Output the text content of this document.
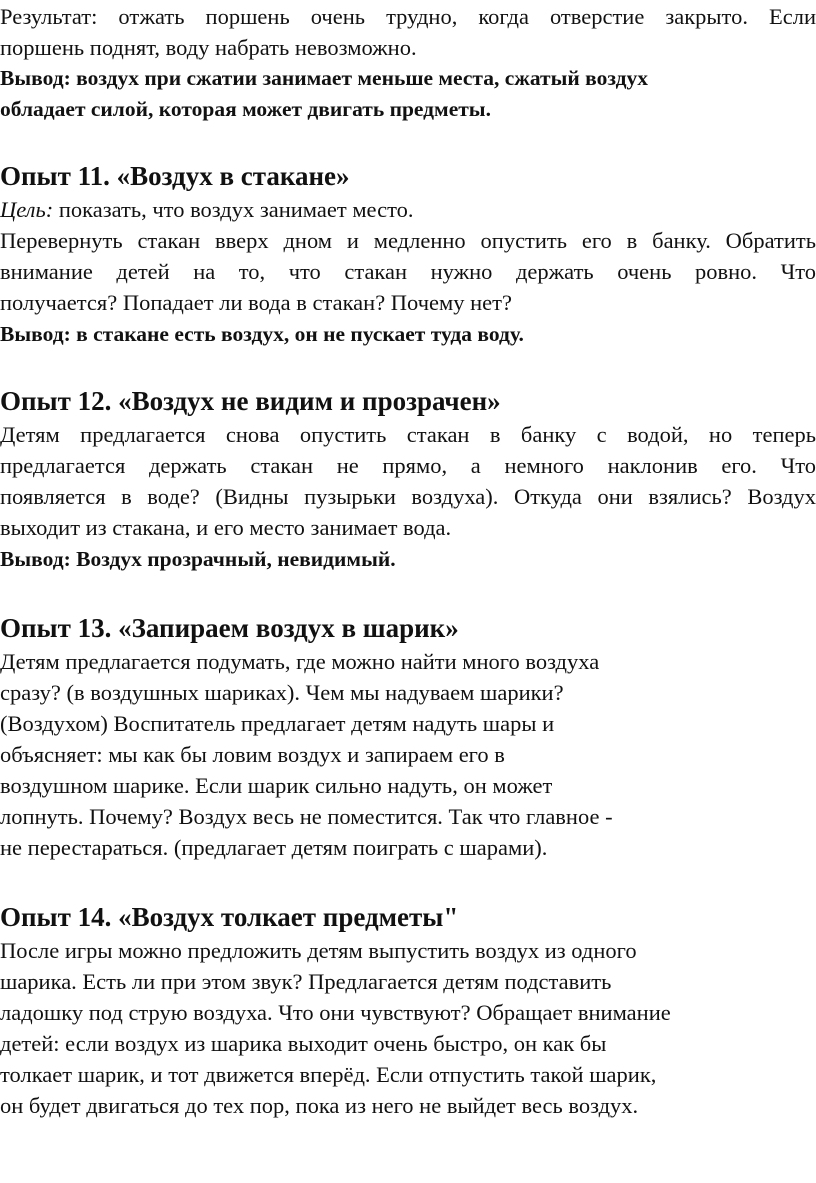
Результат: отжать поршень очень трудно, когда отверстие закрыто. Если
поршень поднят, воду набрать невозможно.

Вывод: воздух при сжатии занимает меньше места, сжатый воздух
обладает силой, которая может двигать предметы.

Опыт 11. «Воздух в стакане»

Цель: показать, что воздух занимает место.

Перевернуть стакан вверх дном и медленно опустить его в банку. Обратить
внимание детей на то, что стакан нужно держать очень ровно. Что
получается? Попадает ли вода в стакан? Почему нет?

Вывод: в стакане есть воздух, он не пускает туда воду.

Опыт 12. «Воздух не видим и прозрачен»

Детям предлагается снова опустить стакан в банку с водой, но теперь
предлагается держать стакан не прямо, а немного наклонив его. Что
появляется в воде? (Видны пузырьки воздуха). Откуда они взялись? Воздух
выходит из стакана, и его место занимает вода.

Вывод: Воздух прозрачный, невидимый.

Опыт 13. «Запираем воздух в шарик»

Детям предлагается подумать, где можно найти много воздуха
сразу? (в воздушных шариках). Чем мы надуваем шарики?
(Воздухом) Воспитатель предлагает детям надуть шары и
объясняет: мы как бы ловим воздух и запираем его в
воздушном шарике. Если шарик сильно надуть, он может
лопнуть. Почему? Воздух весь не поместится. Так что главное -
не перестараться. (предлагает детям поиграть с шарами).

Опыт 14. «Воздух толкает предметы"

После игры можно предложить детям выпустить воздух из одного
шарика. Есть ли при этом звук? Предлагается детям подставить
ладошку под струю воздуха. Что они чувствуют? Обращает внимание
детей: если воздух из шарика выходит очень быстро, он как бы
толкает шарик, и тот движется вперёд. Если отпустить такой шарик,
он будет двигаться до тех пор, пока из него не выйдет весь воздух.
